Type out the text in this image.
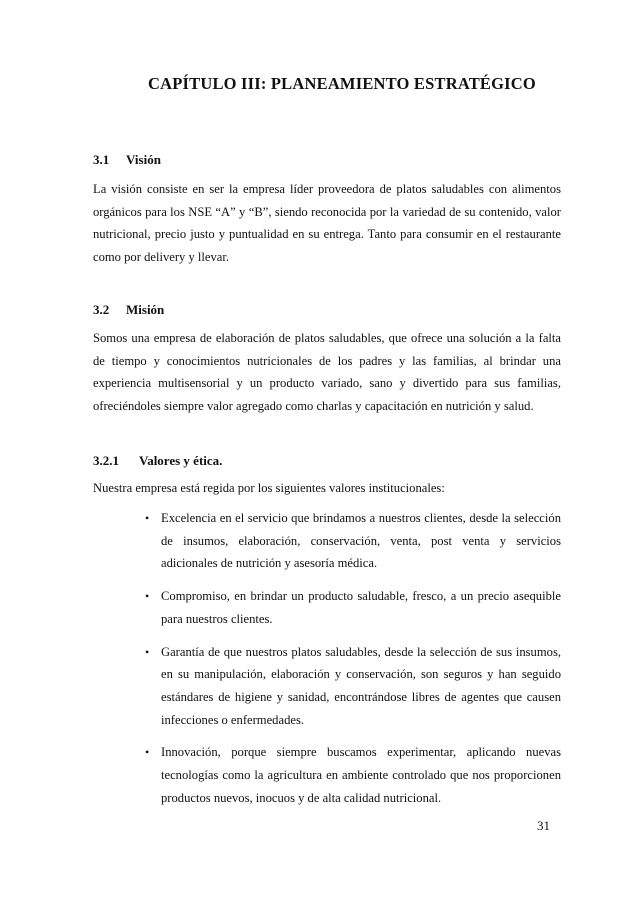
CAPÍTULO III: PLANEAMIENTO ESTRATÉGICO
3.1 Visión

La visión consiste en ser la empresa líder proveedora de platos saludables con alimentos orgánicos para los NSE “A” y “B”, siendo reconocida por la variedad de su contenido, valor nutricional, precio justo y puntualidad en su entrega. Tanto para consumir en el restaurante como por delivery y llevar.

3.2 Misión

Somos una empresa de elaboración de platos saludables, que ofrece una solución a la falta de tiempo y conocimientos nutricionales de los padres y las familias, al brindar una experiencia multisensorial y un producto variado, sano y divertido para sus familias, ofreciéndoles siempre valor agregado como charlas y capacitación en nutrición y salud.

3.2.1 Valores y ética.

Nuestra empresa está regida por los siguientes valores institucionales:

• Excelencia en el servicio que brindamos a nuestros clientes, desde la selección de insumos, elaboración, conservación, venta, post venta y servicios adicionales de nutrición y asesoría médica.
• Compromiso, en brindar un producto saludable, fresco, a un precio asequible para nuestros clientes.
• Garantía de que nuestros platos saludables, desde la selección de sus insumos, en su manipulación, elaboración y conservación, son seguros y han seguido estándares de higiene y sanidad, encontrándose libres de agentes que causen infecciones o enfermedades.
• Innovación, porque siempre buscamos experimentar, aplicando nuevas tecnologías como la agricultura en ambiente controlado que nos proporcionen productos nuevos, inocuos y de alta calidad nutricional.
31
